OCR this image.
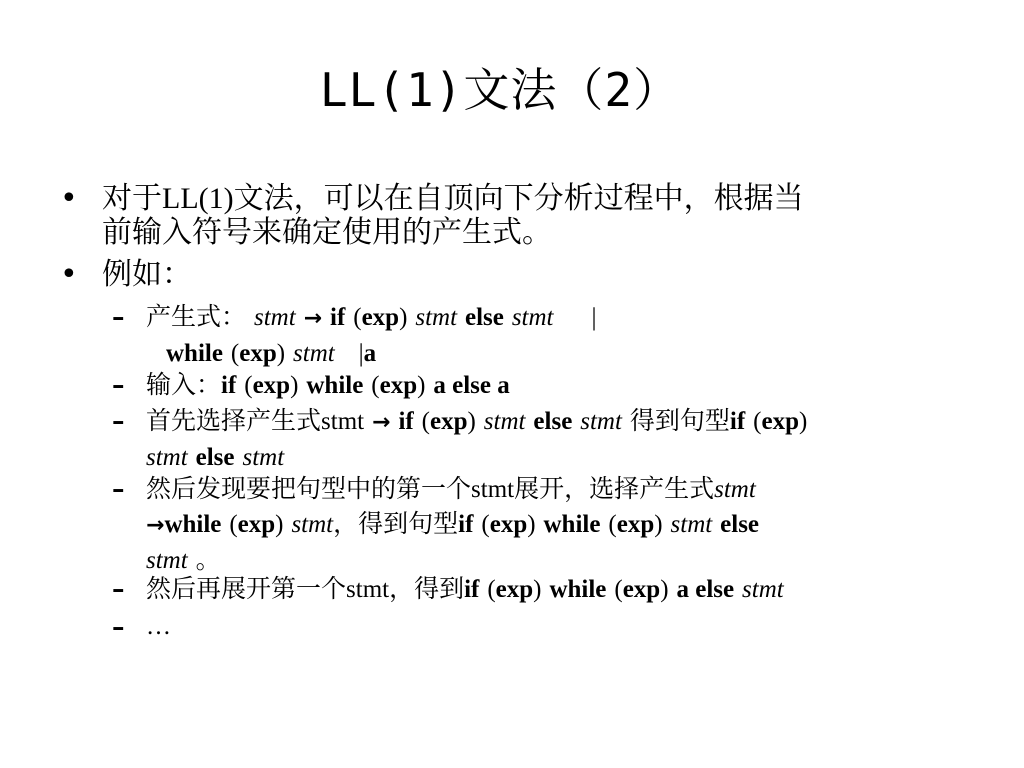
LL(1)文法（2）
• 对于LL(1)文法，可以在自顶向下分析过程中，根据当
前输入符号来确定使用的产生式。
• 例如：
– 产生式： stmt → if (exp) stmt else stmt |
while (exp) stmt |a
– 输入：if (exp) while (exp) a else a
– 首先选择产生式stmt → if (exp) stmt else stmt 得到句型if (exp)
stmt else stmt
– 然后发现要把句型中的第一个stmt展开，选择产生式stmt
→while (exp) stmt，得到句型if (exp) while (exp) stmt else
stmt 。
– 然后再展开第一个stmt，得到if (exp) while (exp) a else stmt
– …
